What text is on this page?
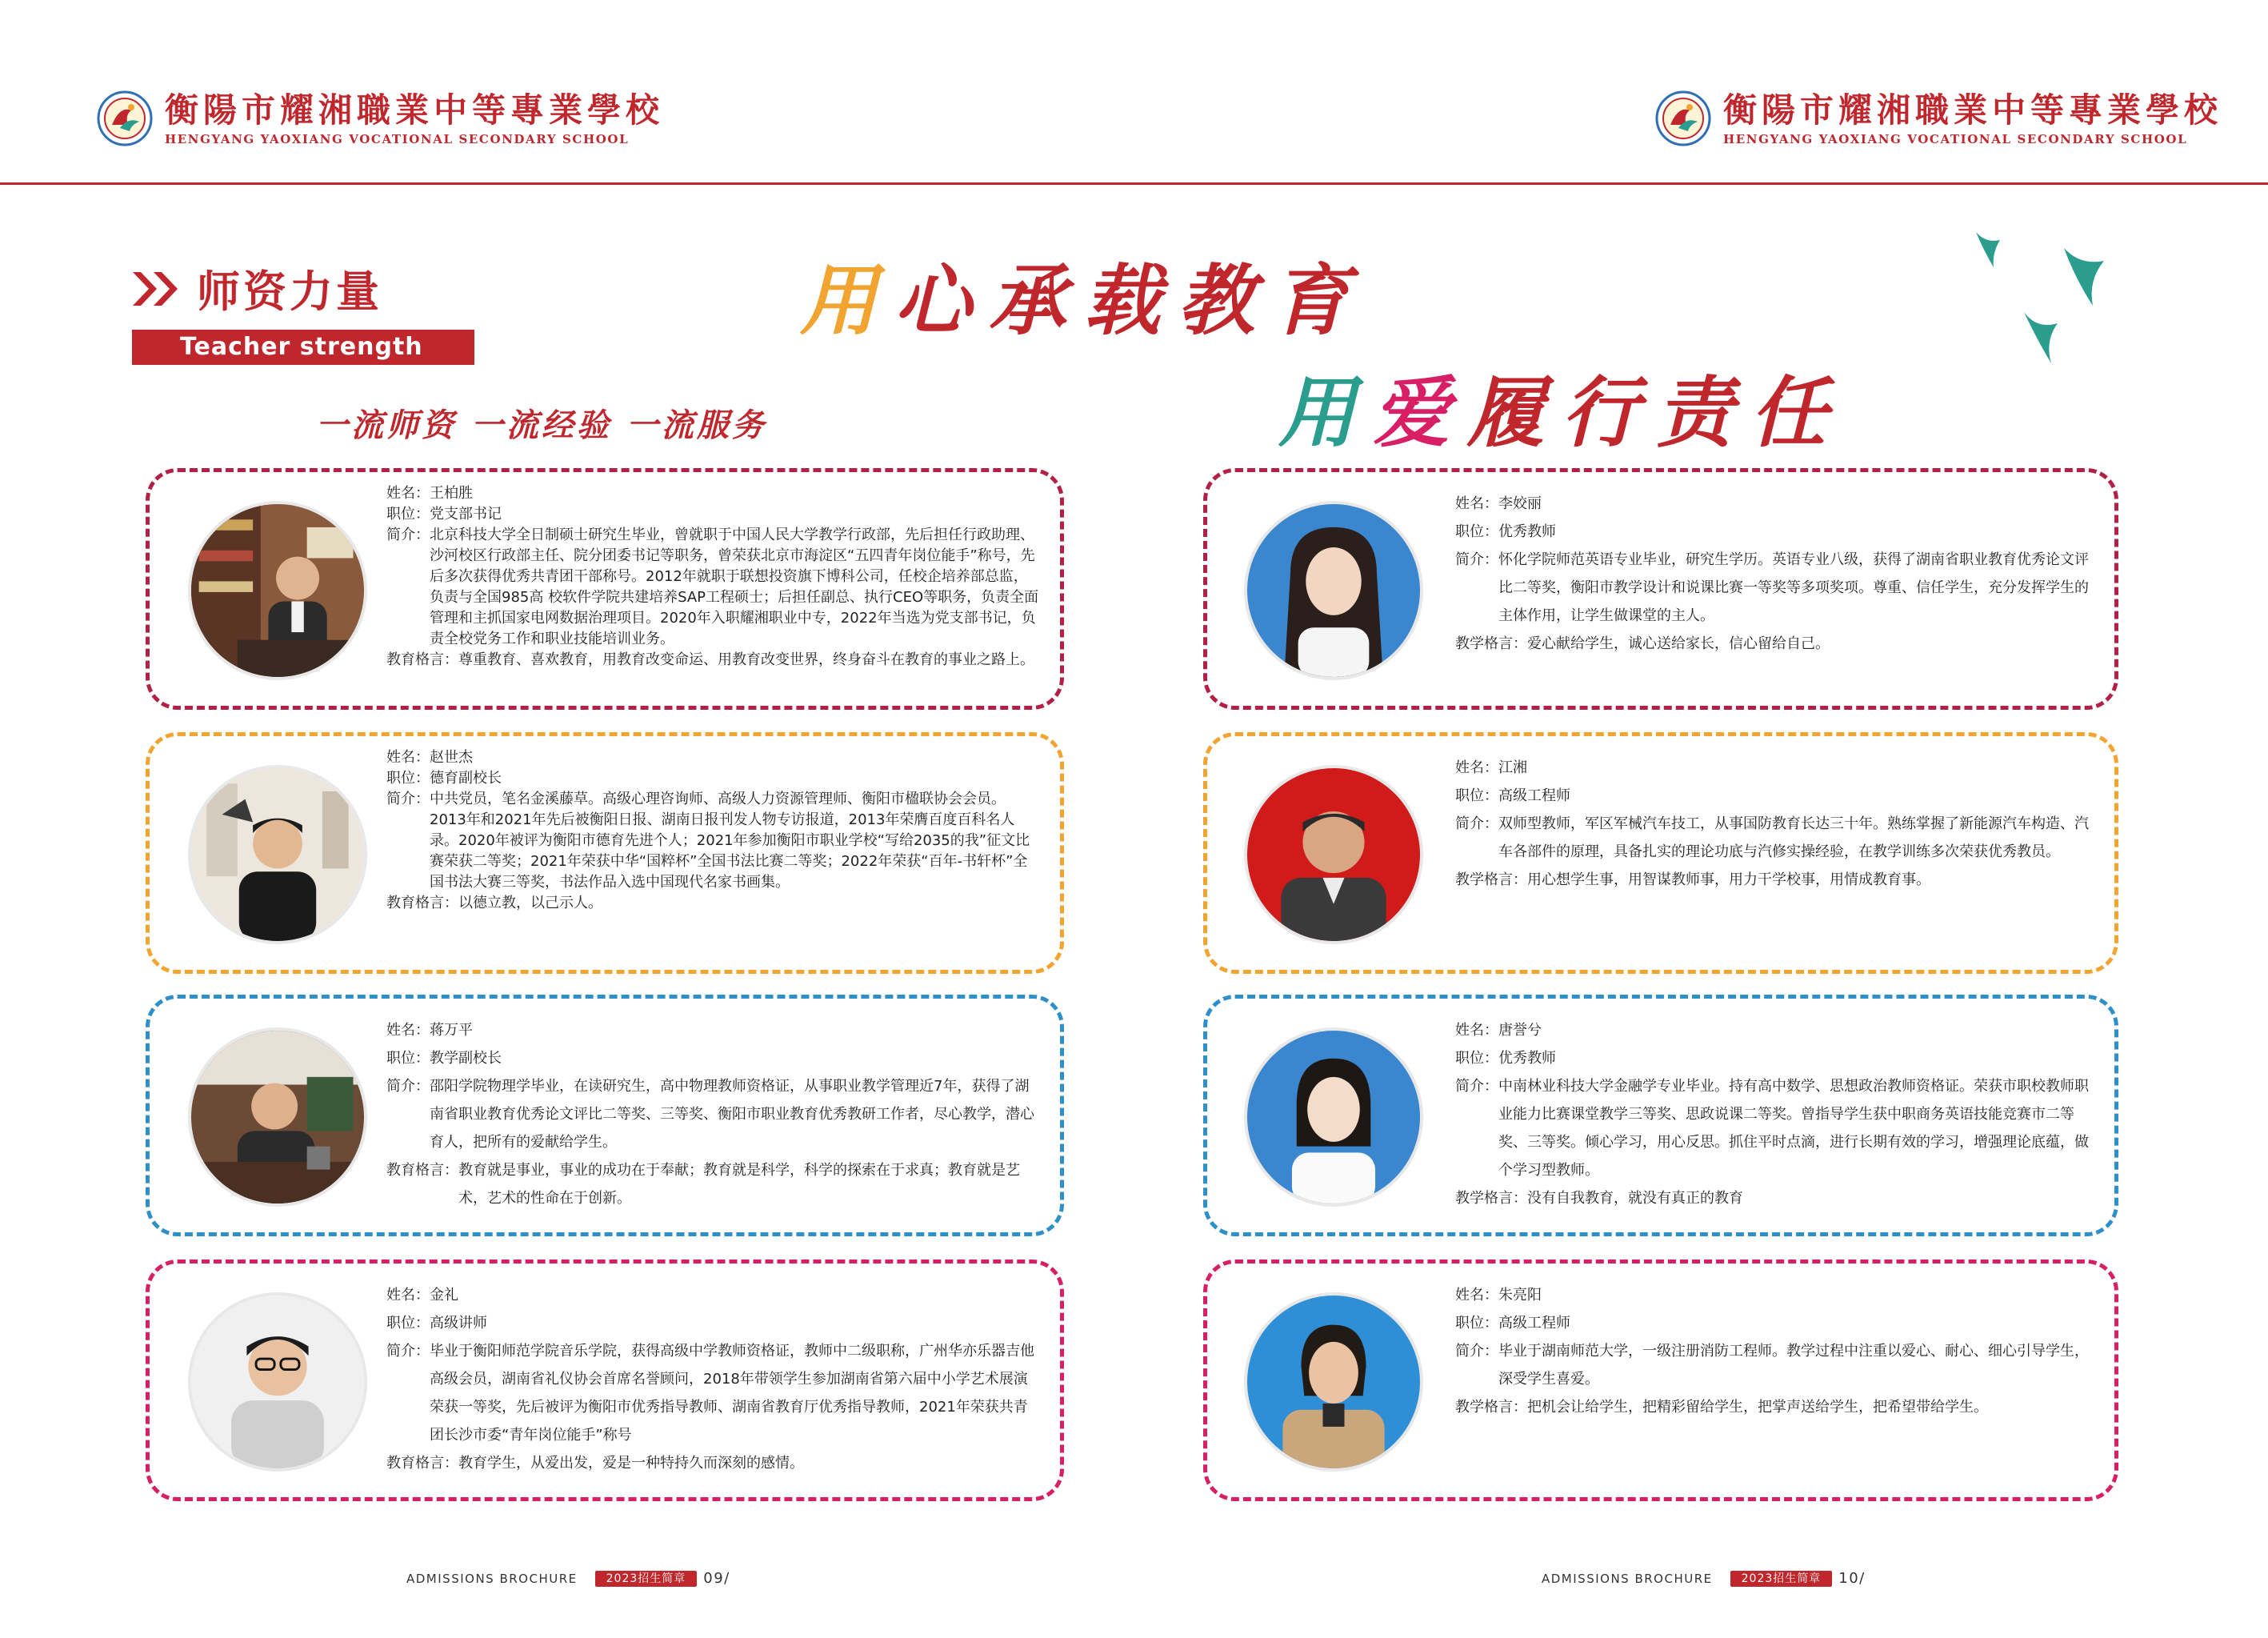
衡陽市耀湘職業中等專業學校
HENGYANG YAOXIANG VOCATIONAL SECONDARY SCHOOL
衡陽市耀湘職業中等專業學校
HENGYANG YAOXIANG VOCATIONAL SECONDARY SCHOOL
师资力量
Teacher strength
一流师资 一流经验 一流服务
用心承载教育
用爱履行责任
姓名： 王柏胜
职位： 党支部书记
简介： 北京科技大学全日制硕士研究生毕业，曾就职于中国人民大学教学行政部，先后担任行政助理、沙河校区行政部主任、院分团委书记等职务，曾荣获北京市海淀区“五四青年岗位能手”称号，先后多次获得优秀共青团干部称号。2012年就职于联想投资旗下博科公司，任校企培养部总监，负责与全国985高 校软件学院共建培养SAP工程硕士；后担任副总、执行CEO等职务，负责全面管理和主抓国家电网数据治理项目。2020年入职耀湘职业中专，2022年当选为党支部书记，负责全校党务工作和职业技能培训业务。
教育格言： 尊重教育、喜欢教育，用教育改变命运、用教育改变世界，终身奋斗在教育的事业之路上。
姓名： 赵世杰
职位： 德育副校长
简介： 中共党员，笔名金溪藤草。高级心理咨询师、高级人力资源管理师、衡阳市楹联协会会员。2013年和2021年先后被衡阳日报、湖南日报刊发人物专访报道，2013年荣膺百度百科名人录。2020年被评为衡阳市德育先进个人；2021年参加衡阳市职业学校“写给2035的我”征文比赛荣获二等奖；2021年荣获中华“国粹杯”全国书法比赛二等奖；2022年荣获“百年-书轩杯”全国书法大赛三等奖，书法作品入选中国现代名家书画集。
教育格言： 以德立教，以己示人。
姓名： 蒋万平
职位： 教学副校长
简介： 邵阳学院物理学毕业，在读研究生，高中物理教师资格证，从事职业教学管理近7年，获得了湖南省职业教育优秀论文评比二等奖、三等奖、衡阳市职业教育优秀教研工作者，尽心教学，潜心育人，把所有的爱献给学生。
教育格言： 教育就是事业，事业的成功在于奉献；教育就是科学，科学的探索在于求真；教育就是艺术，艺术的性命在于创新。
姓名： 金礼
职位： 高级讲师
简介： 毕业于衡阳师范学院音乐学院，获得高级中学教师资格证，教师中二级职称，广州华亦乐器吉他高级会员，湖南省礼仪协会首席名誉顾问，2018年带领学生参加湖南省第六届中小学艺术展演荣获一等奖，先后被评为衡阳市优秀指导教师、湖南省教育厅优秀指导教师，2021年荣获共青团长沙市委“青年岗位能手”称号
教育格言： 教育学生，从爱出发，爱是一种特持久而深刻的感情。
姓名： 李姣丽
职位： 优秀教师
简介： 怀化学院师范英语专业毕业，研究生学历。英语专业八级，获得了湖南省职业教育优秀论文评比二等奖，衡阳市教学设计和说课比赛一等奖等多项奖项。尊重、信任学生，充分发挥学生的主体作用，让学生做课堂的主人。
教学格言： 爱心献给学生，诚心送给家长，信心留给自己。
姓名： 江湘
职位： 高级工程师
简介： 双师型教师，军区军械汽车技工，从事国防教育长达三十年。熟练掌握了新能源汽车构造、汽车各部件的原理，具备扎实的理论功底与汽修实操经验，在教学训练多次荣获优秀教员。
教学格言： 用心想学生事，用智谋教师事，用力干学校事，用情成教育事。
姓名： 唐誉兮
职位： 优秀教师
简介： 中南林业科技大学金融学专业毕业。持有高中数学、思想政治教师资格证。荣获市职校教师职业能力比赛课堂教学三等奖、思政说课二等奖。曾指导学生获中职商务英语技能竞赛市二等奖、三等奖。倾心学习，用心反思。抓住平时点滴，进行长期有效的学习，增强理论底蕴，做个学习型教师。
教学格言： 没有自我教育，就没有真正的教育
姓名： 朱亮阳
职位： 高级工程师
简介： 毕业于湖南师范大学，一级注册消防工程师。教学过程中注重以爱心、耐心、细心引导学生，深受学生喜爱。
教学格言： 把机会让给学生，把精彩留给学生，把掌声送给学生，把希望带给学生。
ADMISSIONS BROCHURE	2023招生简章	09/	ADMISSIONS BROCHURE	2023招生简章	10/
